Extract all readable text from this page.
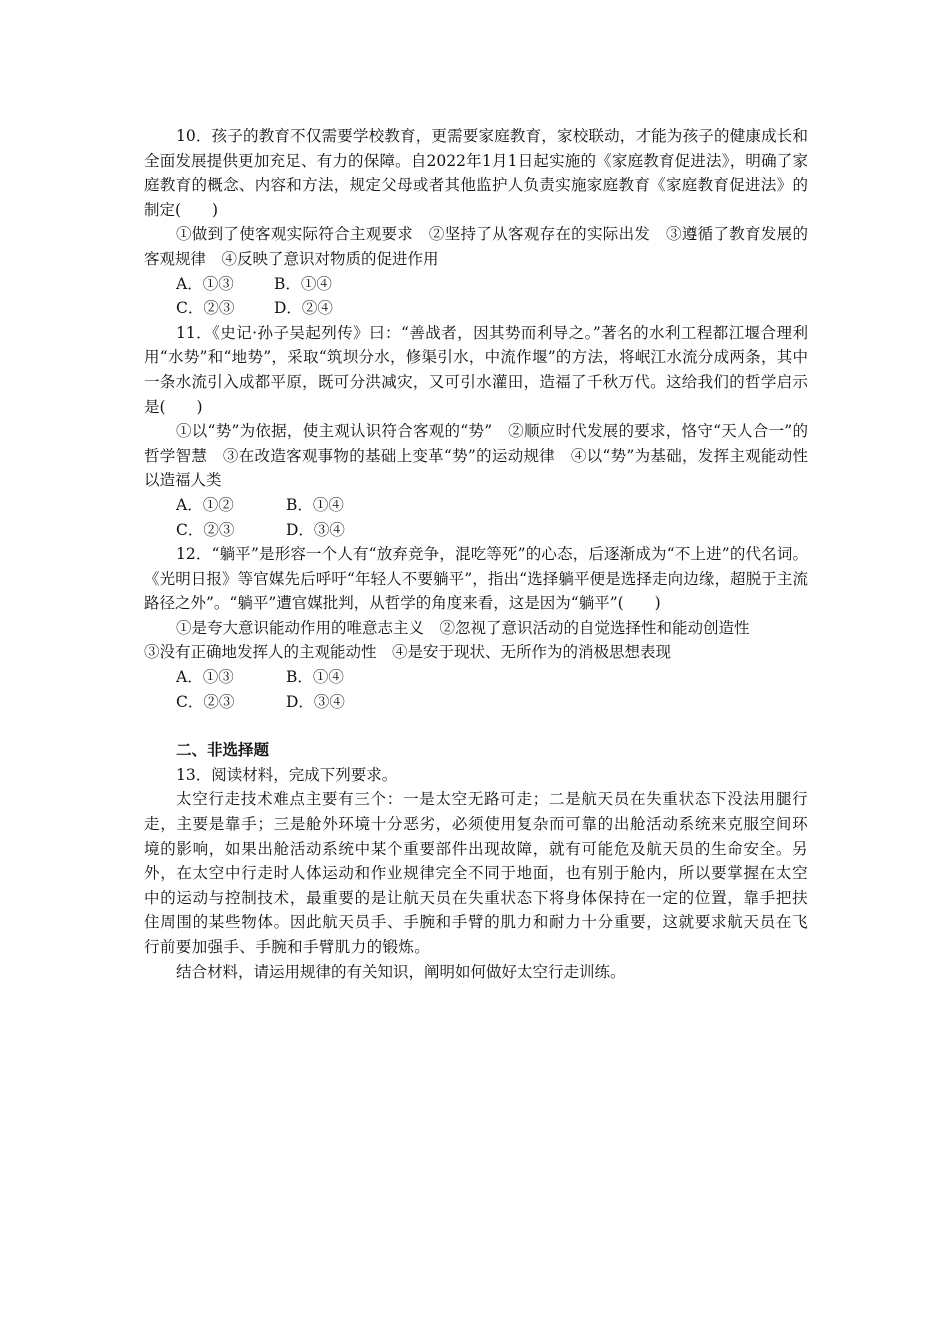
10．孩子的教育不仅需要学校教育，更需要家庭教育，家校联动，才能为孩子的健康成长和全面发展提供更加充足、有力的保障。自2022年1月1日起实施的《家庭教育促进法》，明确了家庭教育的概念、内容和方法，规定父母或者其他监护人负责实施家庭教育《家庭教育促进法》的制定(　　)

①做到了使客观实际符合主观要求　②坚持了从客观存在的实际出发　③遵循了教育发展的客观规律　④反映了意识对物质的促进作用

A．①③	B．①④
C．②③	D．②④

11．《史记·孙子吴起列传》曰：“善战者，因其势而利导之。”著名的水利工程都江堰合理利用“水势”和“地势”，采取“筑坝分水，修渠引水，中流作堰”的方法，将岷江水流分成两条，其中一条水流引入成都平原，既可分洪减灾，又可引水灌田，造福了千秋万代。这给我们的哲学启示是(　　)

①以“势”为依据，使主观认识符合客观的“势”　②顺应时代发展的要求，恪守“天人合一”的哲学智慧　③在改造客观事物的基础上变革“势”的运动规律　④以“势”为基础，发挥主观能动性以造福人类

A．①②	B．①④
C．②③	D．③④

12．“躺平”是形容一个人有“放弃竞争，混吃等死”的心态，后逐渐成为“不上进”的代名词。《光明日报》等官媒先后呼吁“年轻人不要躺平”，指出“选择躺平便是选择走向边缘，超脱于主流路径之外”。“躺平”遭官媒批判，从哲学的角度来看，这是因为“躺平”(　　)

①是夸大意识能动作用的唯意志主义　②忽视了意识活动的自觉选择性和能动创造性

③没有正确地发挥人的主观能动性　④是安于现状、无所作为的消极思想表现

A．①③	B．①④
C．②③	D．③④

二、非选择题

13．阅读材料，完成下列要求。

太空行走技术难点主要有三个：一是太空无路可走；二是航天员在失重状态下没法用腿行走，主要是靠手；三是舱外环境十分恶劣，必须使用复杂而可靠的出舱活动系统来克服空间环境的影响，如果出舱活动系统中某个重要部件出现故障，就有可能危及航天员的生命安全。另外，在太空中行走时人体运动和作业规律完全不同于地面，也有别于舱内，所以要掌握在太空中的运动与控制技术，最重要的是让航天员在失重状态下将身体保持在一定的位置，靠手把扶住周围的某些物体。因此航天员手、手腕和手臂的肌力和耐力十分重要，这就要求航天员在飞行前要加强手、手腕和手臂肌力的锻炼。

结合材料，请运用规律的有关知识，阐明如何做好太空行走训练。
